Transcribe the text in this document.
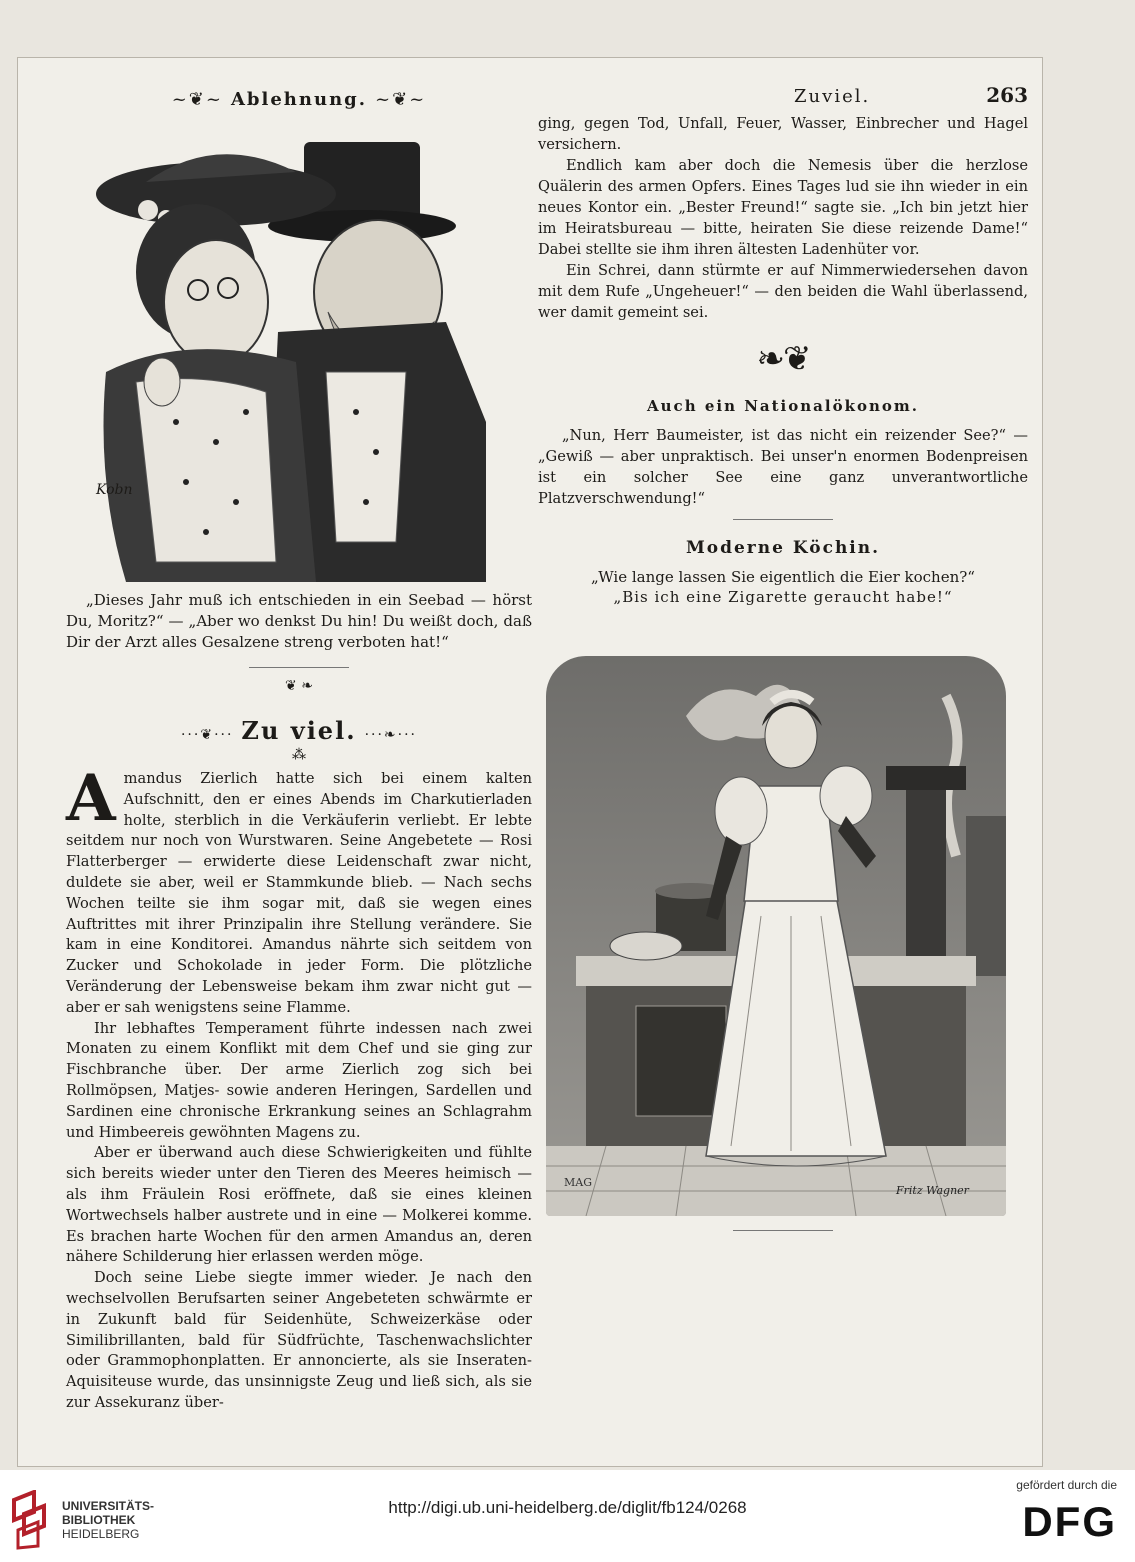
~❦~ Ablehnung. ~❦~
Kobn

„Dieses Jahr muß ich entschieden in ein Seebad — hörst Du, Moritz?“ — „Aber wo denkst Du hin! Du weißt doch, daß Dir der Arzt alles Gesalzene streng verboten hat!“

❦ ❧
···❦··· Zu viel. ···❧···
⁂

Amandus Zierlich hatte sich bei einem kalten Aufschnitt, den er eines Abends im Charkutierladen holte, sterblich in die Verkäuferin verliebt. Er lebte seitdem nur noch von Wurstwaren. Seine Angebetete — Rosi Flatterberger — erwiderte diese Leidenschaft zwar nicht, duldete sie aber, weil er Stammkunde blieb. — Nach sechs Wochen teilte sie ihm sogar mit, daß sie wegen eines Auftrittes mit ihrer Prinzipalin ihre Stellung verändere. Sie kam in eine Konditorei. Amandus nährte sich seitdem von Zucker und Schokolade in jeder Form. Die plötzliche Veränderung der Lebensweise bekam ihm zwar nicht gut — aber er sah wenigstens seine Flamme.

Ihr lebhaftes Temperament führte indessen nach zwei Monaten zu einem Konflikt mit dem Chef und sie ging zur Fischbranche über. Der arme Zierlich zog sich bei Rollmöpsen, Matjes- sowie anderen Heringen, Sardellen und Sardinen eine chronische Erkrankung seines an Schlagrahm und Himbeereis gewöhnten Magens zu.

Aber er überwand auch diese Schwierigkeiten und fühlte sich bereits wieder unter den Tieren des Meeres heimisch — als ihm Fräulein Rosi eröffnete, daß sie eines kleinen Wortwechsels halber austrete und in eine — Molkerei komme. Es brachen harte Wochen für den armen Amandus an, deren nähere Schilderung hier erlassen werden möge.

Doch seine Liebe siegte immer wieder. Je nach den wechselvollen Berufsarten seiner Angebeteten schwärmte er in Zukunft bald für Seidenhüte, Schweizerkäse oder Similibrillanten, bald für Südfrüchte, Taschenwachslichter oder Grammophonplatten. Er annoncierte, als sie Inseraten-Aquisiteuse wurde, das unsinnigste Zeug und ließ sich, als sie zur Assekuranz über-

Zuviel.	263

ging, gegen Tod, Unfall, Feuer, Wasser, Einbrecher und Hagel versichern.

Endlich kam aber doch die Nemesis über die herzlose Quälerin des armen Opfers. Eines Tages lud sie ihn wieder in ein neues Kontor ein. „Bester Freund!“ sagte sie. „Ich bin jetzt hier im Heiratsbureau — bitte, heiraten Sie diese reizende Dame!“ Dabei stellte sie ihm ihren ältesten Ladenhüter vor.

Ein Schrei, dann stürmte er auf Nimmerwiedersehen davon mit dem Rufe „Ungeheuer!“ — den beiden die Wahl überlassend, wer damit gemeint sei.

❧❦
Auch ein Nationalökonom.

„Nun, Herr Baumeister, ist das nicht ein reizender See?“ — „Gewiß — aber unpraktisch. Bei unser'n enormen Bodenpreisen ist ein solcher See eine ganz unverantwortliche Platzverschwendung!“

Moderne Köchin.

„Wie lange lassen Sie eigentlich die Eier kochen?“

„Bis ich eine Zigarette geraucht habe!“

MAG
Fritz Wagner
UNIVERSITÄTS-
BIBLIOTHEK
HEIDELBERG
http://digi.ub.uni-heidelberg.de/diglit/fb124/0268
gefördert durch die
DFG
